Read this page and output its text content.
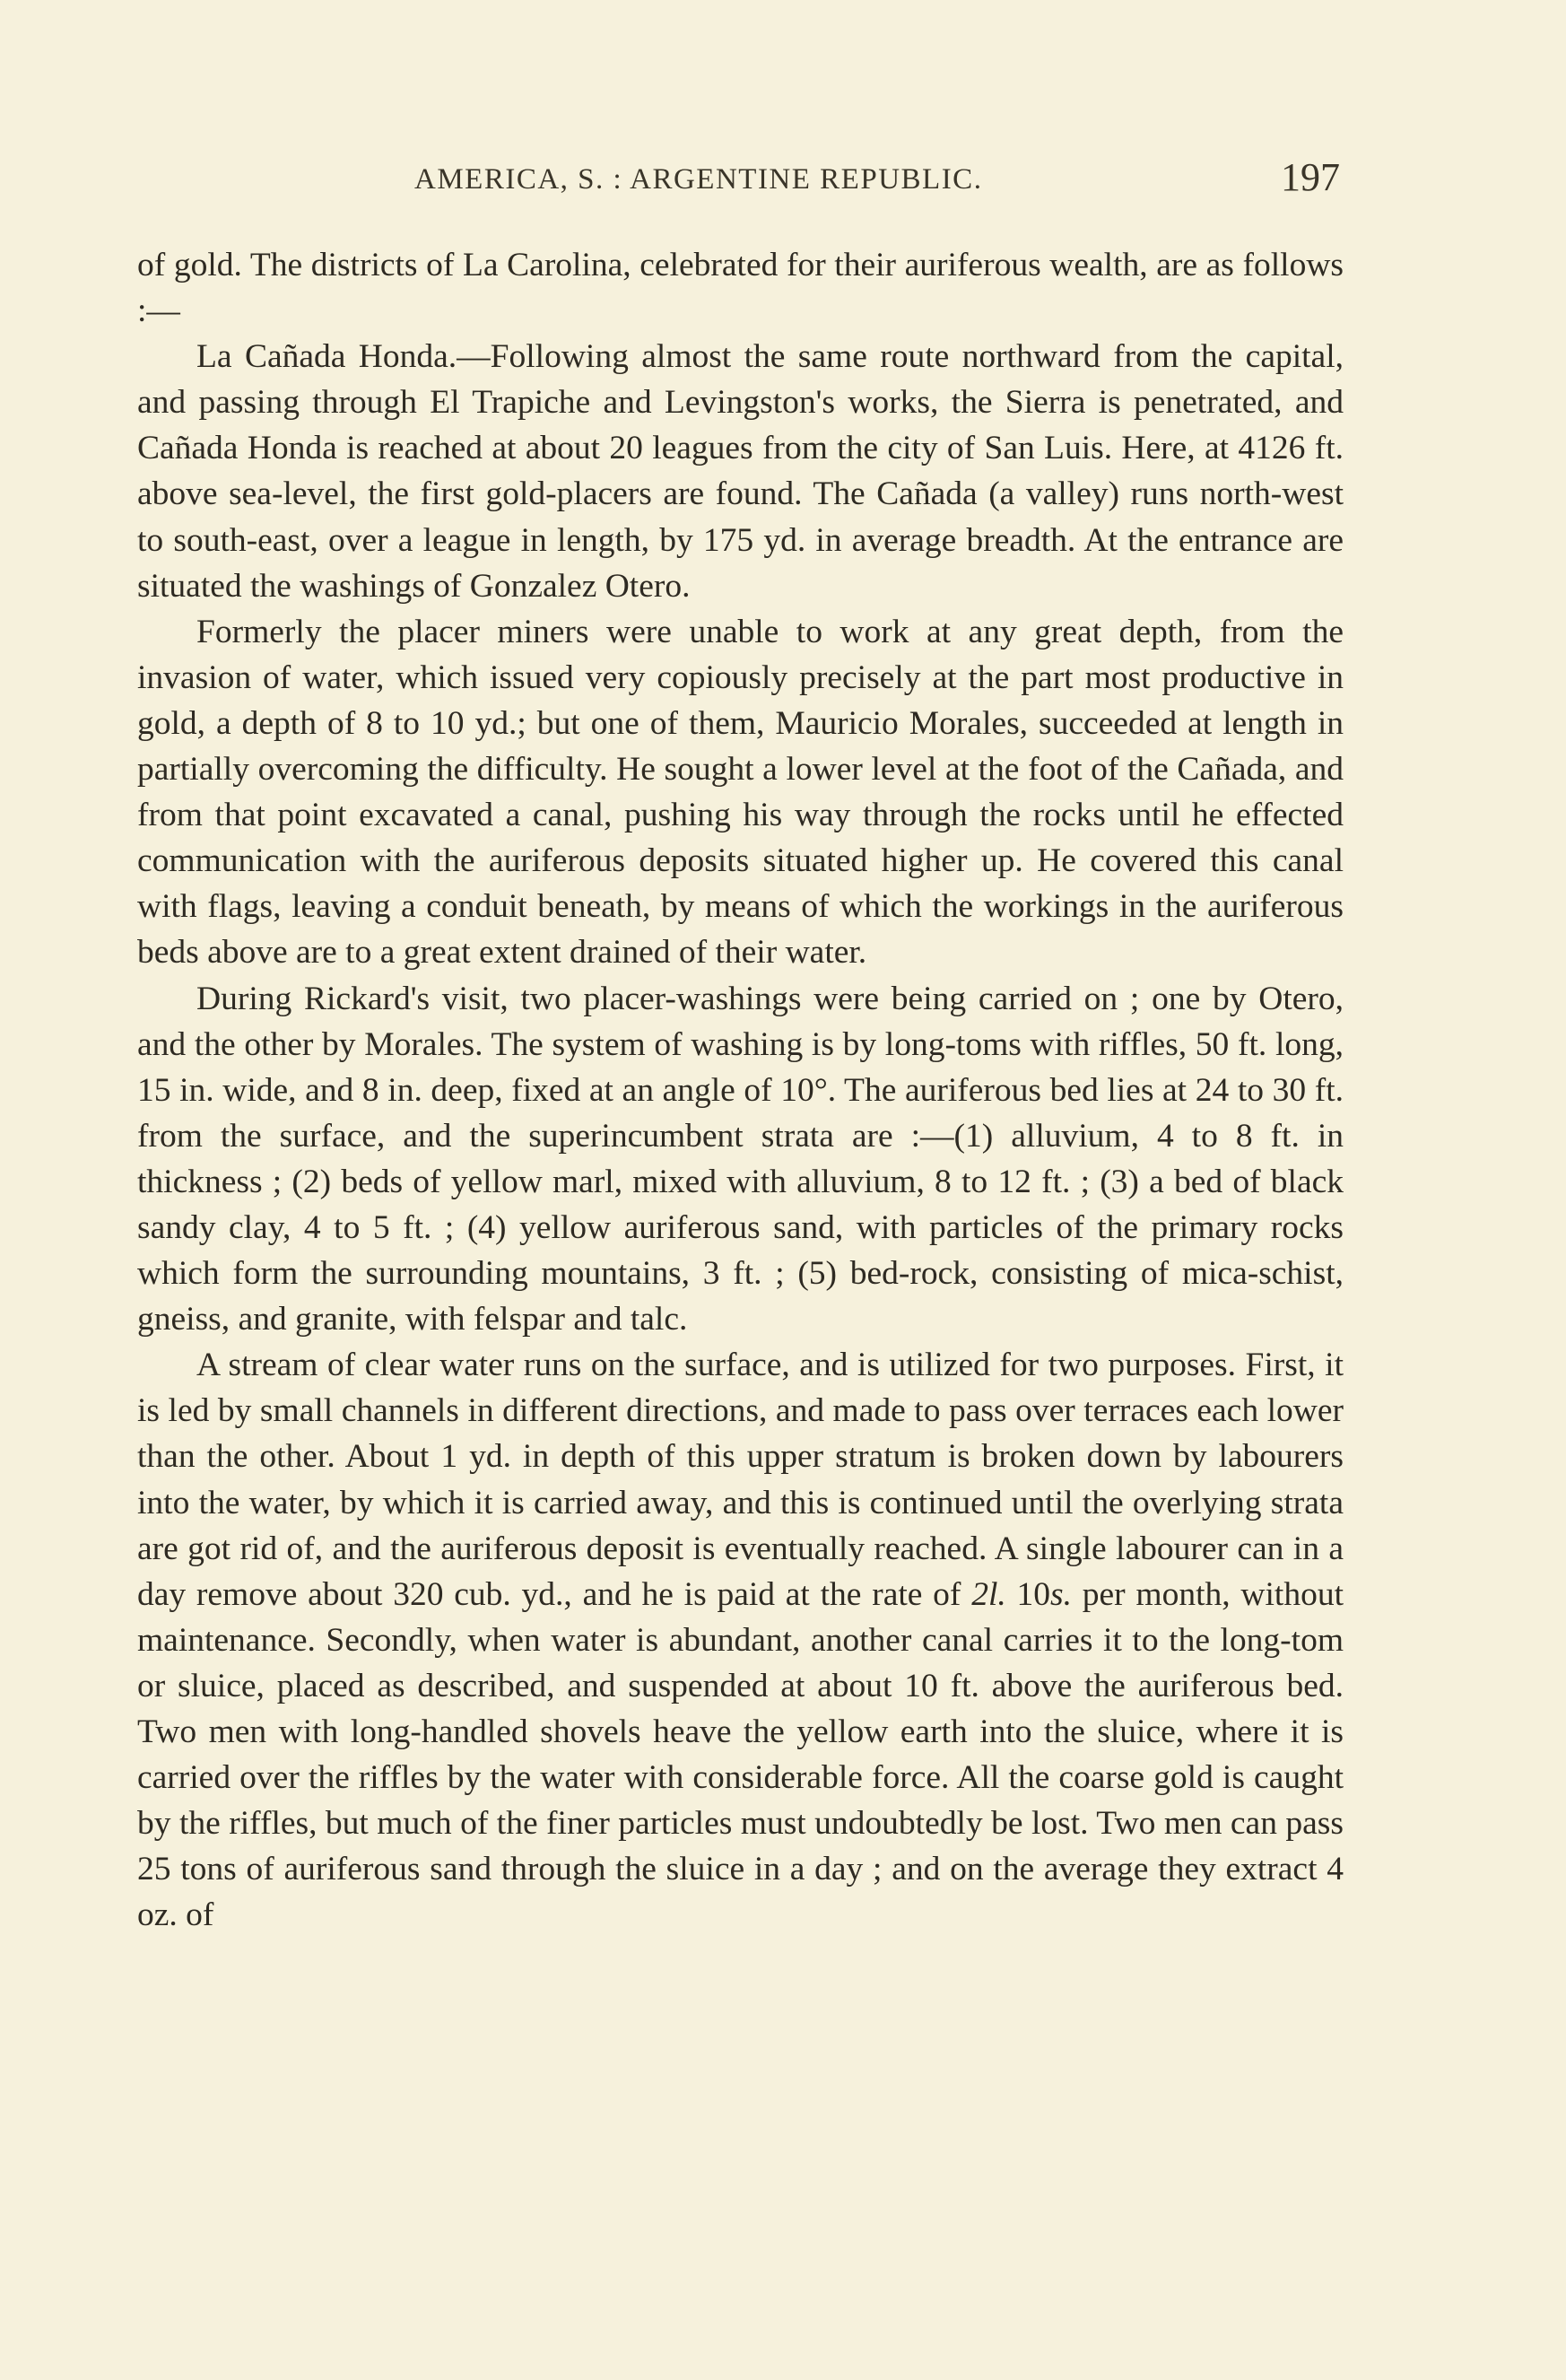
AMERICA, S. : ARGENTINE REPUBLIC.	197

of gold. The districts of La Carolina, celebrated for their auriferous wealth, are as follows :—

La Cañada Honda.—Following almost the same route northward from the capital, and passing through El Trapiche and Levingston's works, the Sierra is penetrated, and Cañada Honda is reached at about 20 leagues from the city of San Luis. Here, at 4126 ft. above sea-level, the first gold-placers are found. The Cañada (a valley) runs north-west to south-east, over a league in length, by 175 yd. in average breadth. At the entrance are situated the washings of Gonzalez Otero.

Formerly the placer miners were unable to work at any great depth, from the invasion of water, which issued very copiously precisely at the part most productive in gold, a depth of 8 to 10 yd.; but one of them, Mauricio Morales, succeeded at length in partially overcoming the difficulty. He sought a lower level at the foot of the Cañada, and from that point excavated a canal, pushing his way through the rocks until he effected communication with the auriferous deposits situated higher up. He covered this canal with flags, leaving a conduit beneath, by means of which the workings in the auriferous beds above are to a great extent drained of their water.

During Rickard's visit, two placer-washings were being carried on ; one by Otero, and the other by Morales. The system of washing is by long-toms with riffles, 50 ft. long, 15 in. wide, and 8 in. deep, fixed at an angle of 10°. The auriferous bed lies at 24 to 30 ft. from the surface, and the superincumbent strata are :—(1) alluvium, 4 to 8 ft. in thickness ; (2) beds of yellow marl, mixed with alluvium, 8 to 12 ft. ; (3) a bed of black sandy clay, 4 to 5 ft. ; (4) yellow auriferous sand, with particles of the primary rocks which form the surrounding mountains, 3 ft. ; (5) bed-rock, consisting of mica-schist, gneiss, and granite, with felspar and talc.

A stream of clear water runs on the surface, and is utilized for two purposes. First, it is led by small channels in different directions, and made to pass over terraces each lower than the other. About 1 yd. in depth of this upper stratum is broken down by labourers into the water, by which it is carried away, and this is continued until the overlying strata are got rid of, and the auriferous deposit is eventually reached. A single labourer can in a day remove about 320 cub. yd., and he is paid at the rate of 2l. 10s. per month, without maintenance. Secondly, when water is abundant, another canal carries it to the long-tom or sluice, placed as described, and suspended at about 10 ft. above the auriferous bed. Two men with long-handled shovels heave the yellow earth into the sluice, where it is carried over the riffles by the water with considerable force. All the coarse gold is caught by the riffles, but much of the finer particles must undoubtedly be lost. Two men can pass 25 tons of auriferous sand through the sluice in a day ; and on the average they extract 4 oz. of
